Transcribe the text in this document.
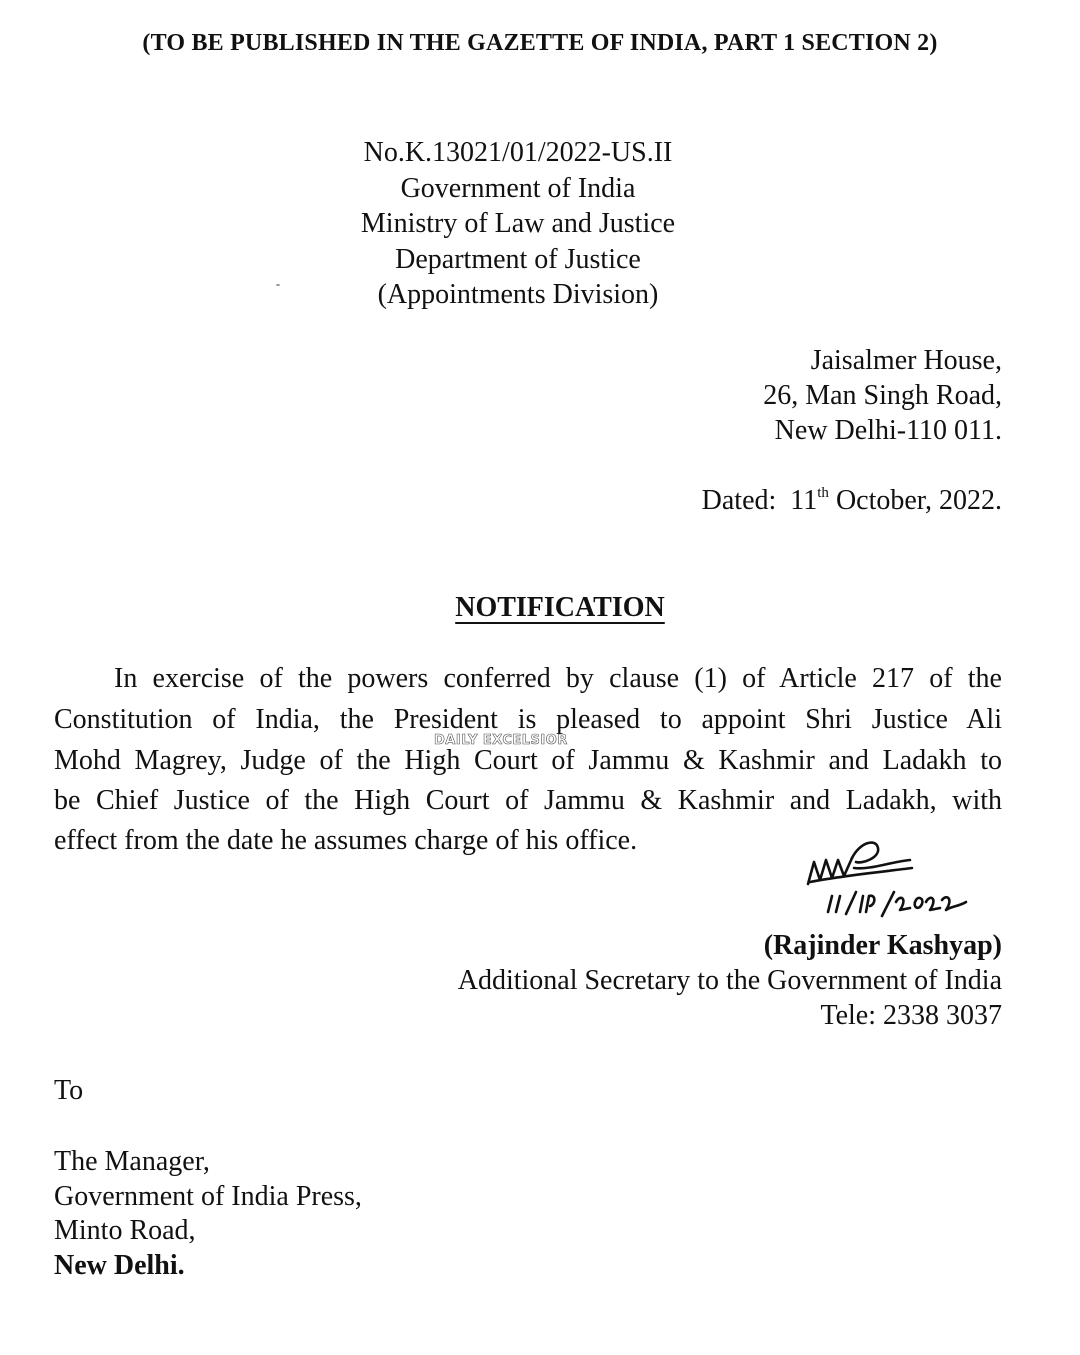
(TO BE PUBLISHED IN THE GAZETTE OF INDIA, PART 1 SECTION 2)
No.K.13021/01/2022-US.II
Government of India
Ministry of Law and Justice
Department of Justice
(Appointments Division)
Jaisalmer House,
26, Man Singh Road,
New Delhi-110 011.
Dated: 11th October, 2022.
NOTIFICATION
In exercise of the powers conferred by clause (1) of Article 217 of the
Constitution of India, the President is pleased to appoint Shri Justice Ali
Mohd Magrey, Judge of the High Court of Jammu & Kashmir and Ladakh to
be Chief Justice of the High Court of Jammu & Kashmir and Ladakh, with
effect from the date he assumes charge of his office.
DAILY EXCELSIOR
(Rajinder Kashyap)
Additional Secretary to the Government of India
Tele: 2338 3037
To
The Manager,
Government of India Press,
Minto Road,
New Delhi.
